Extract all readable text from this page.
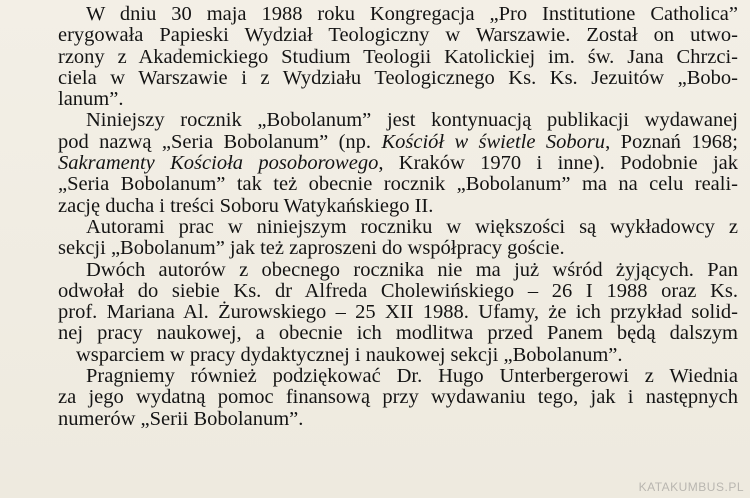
W dniu 30 maja 1988 roku Kongregacja „Pro Institutione Catholica”
erygowała Papieski Wydział Teologiczny w Warszawie. Został on utwo-
rzony z Akademickiego Studium Teologii Katolickiej im. św. Jana Chrzci-
ciela w Warszawie i z Wydziału Teologicznego Ks. Ks. Jezuitów „Bobo-
lanum”.
Niniejszy rocznik „Bobolanum” jest kontynuacją publikacji wydawanej
pod nazwą „Seria Bobolanum” (np. Kościół w świetle Soboru, Poznań 1968;
Sakramenty Kościoła posoborowego, Kraków 1970 i inne). Podobnie jak
„Seria Bobolanum” tak też obecnie rocznik „Bobolanum” ma na celu reali-
zację ducha i treści Soboru Watykańskiego II.
Autorami prac w niniejszym roczniku w większości są wykładowcy z
sekcji „Bobolanum” jak też zaproszeni do współpracy goście.
Dwóch autorów z obecnego rocznika nie ma już wśród żyjących. Pan
odwołał do siebie Ks. dr Alfreda Cholewińskiego – 26 I 1988 oraz Ks.
prof. Mariana Al. Żurowskiego – 25 XII 1988. Ufamy, że ich przykład solid-
nej pracy naukowej, a obecnie ich modlitwa przed Panem będą dalszym
wsparciem w pracy dydaktycznej i naukowej sekcji „Bobolanum”.
Pragniemy również podziękować Dr. Hugo Unterbergerowi z Wiednia
za jego wydatną pomoc finansową przy wydawaniu tego, jak i następnych
numerów „Serii Bobolanum”.
KATAKUMBUS.PL
